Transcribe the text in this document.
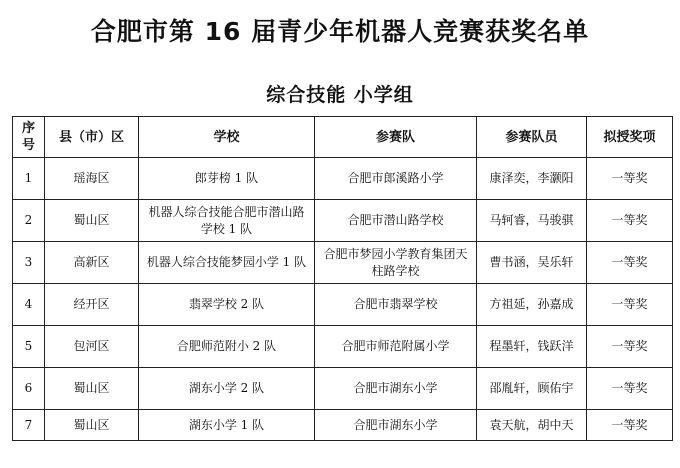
合肥市第 16 届青少年机器人竞赛获奖名单
综合技能 小学组
序号	县（市）区	学校	参赛队	参赛队员	拟授奖项
1	瑶海区	郎芽榜 1 队	合肥市郎溪路小学	康泽奕，李灏阳	一等奖
2	蜀山区	机器人综合技能合肥市潜山路学校 1 队	合肥市潜山路学校	马轲睿，马骏骐	一等奖
3	高新区	机器人综合技能梦园小学 1 队	合肥市梦园小学教育集团天柱路学校	曹书涵，吴乐轩	一等奖
4	经开区	翡翠学校 2 队	合肥市翡翠学校	方祖延，孙嘉成	一等奖
5	包河区	合肥师范附小 2 队	合肥市师范附属小学	程墨轩，钱跃洋	一等奖
6	蜀山区	湖东小学 2 队	合肥市湖东小学	邵胤轩，顾佑宇	一等奖
7	蜀山区	湖东小学 1 队	合肥市湖东小学	袁天航，胡中天	一等奖
